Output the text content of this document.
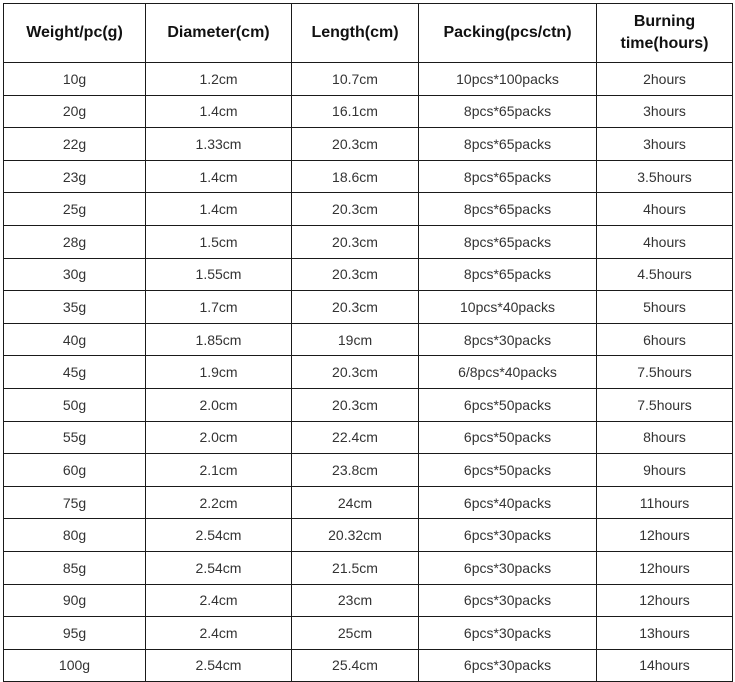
Weight/pc(g)	Diameter(cm)	Length(cm)	Packing(pcs/ctn)	Burning time(hours)
10g	1.2cm	10.7cm	10pcs*100packs	2hours
20g	1.4cm	16.1cm	8pcs*65packs	3hours
22g	1.33cm	20.3cm	8pcs*65packs	3hours
23g	1.4cm	18.6cm	8pcs*65packs	3.5hours
25g	1.4cm	20.3cm	8pcs*65packs	4hours
28g	1.5cm	20.3cm	8pcs*65packs	4hours
30g	1.55cm	20.3cm	8pcs*65packs	4.5hours
35g	1.7cm	20.3cm	10pcs*40packs	5hours
40g	1.85cm	19cm	8pcs*30packs	6hours
45g	1.9cm	20.3cm	6/8pcs*40packs	7.5hours
50g	2.0cm	20.3cm	6pcs*50packs	7.5hours
55g	2.0cm	22.4cm	6pcs*50packs	8hours
60g	2.1cm	23.8cm	6pcs*50packs	9hours
75g	2.2cm	24cm	6pcs*40packs	11hours
80g	2.54cm	20.32cm	6pcs*30packs	12hours
85g	2.54cm	21.5cm	6pcs*30packs	12hours
90g	2.4cm	23cm	6pcs*30packs	12hours
95g	2.4cm	25cm	6pcs*30packs	13hours
100g	2.54cm	25.4cm	6pcs*30packs	14hours
